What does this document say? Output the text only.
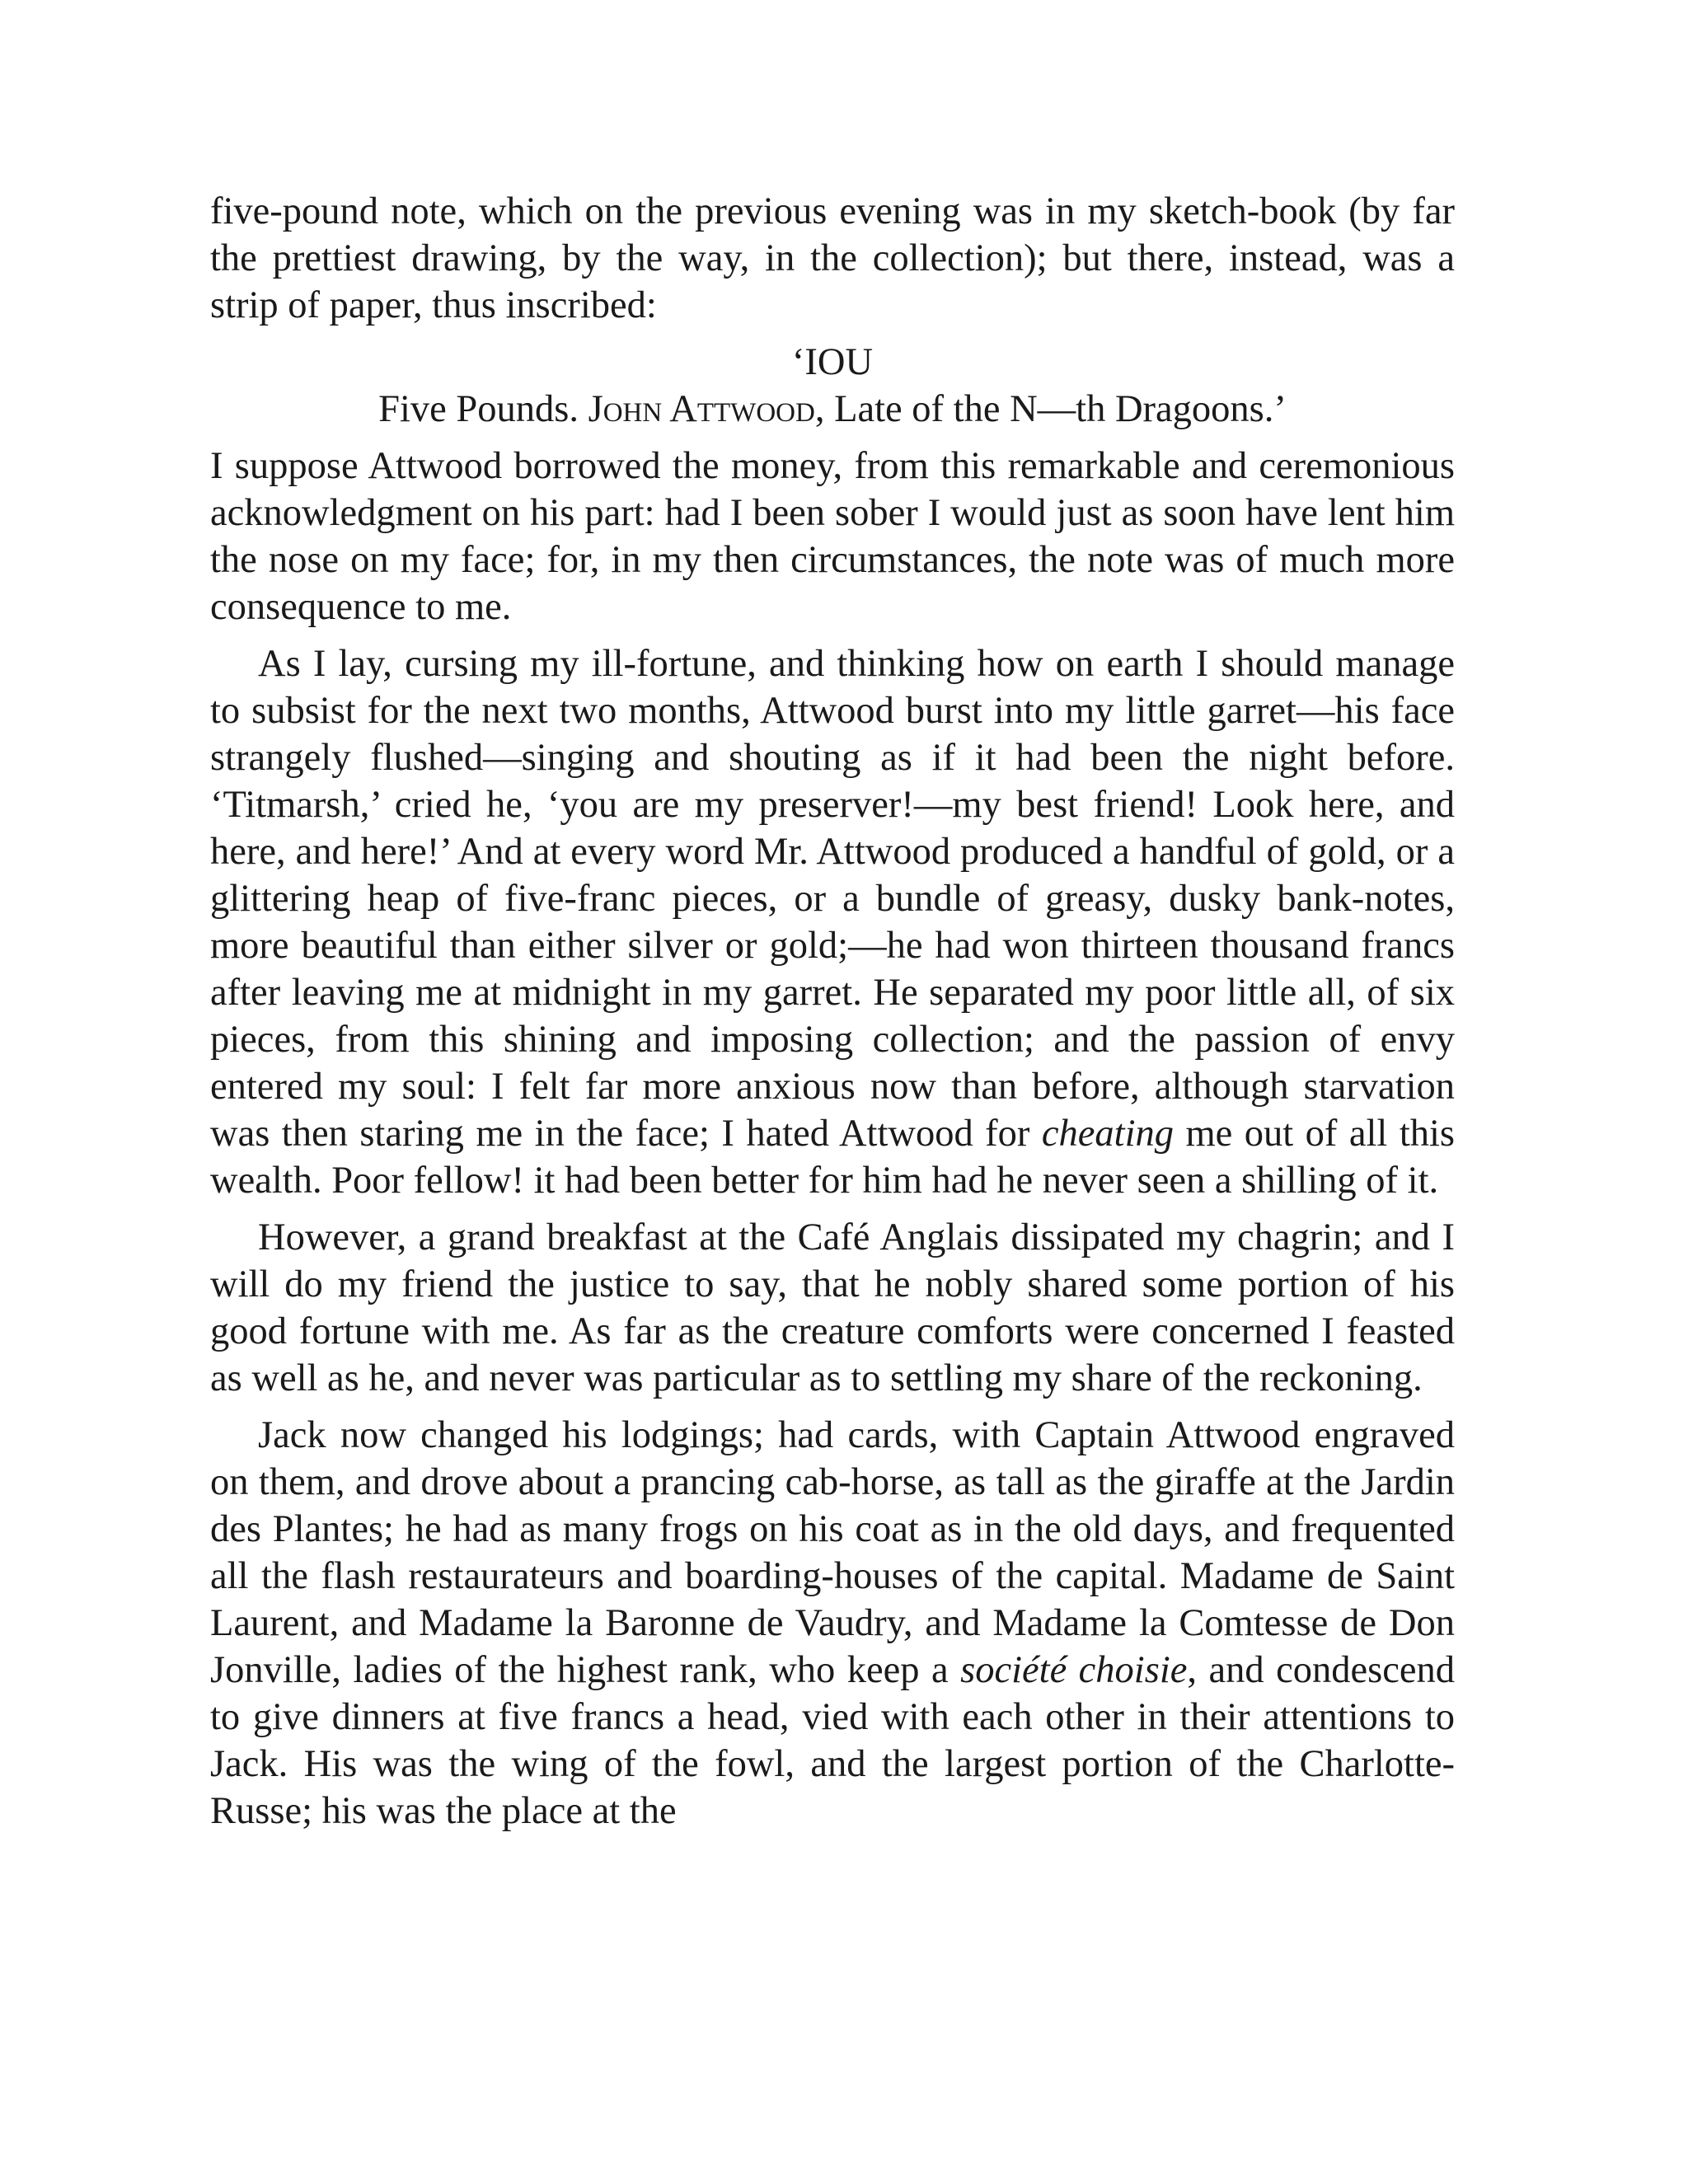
five-pound note, which on the previous evening was in my sketch-book (by far the prettiest drawing, by the way, in the collection); but there, instead, was a strip of paper, thus inscribed:

‘IOU
Five Pounds. John Attwood, Late of the N—th Dragoons.’

I suppose Attwood borrowed the money, from this remarkable and ceremonious acknowledgment on his part: had I been sober I would just as soon have lent him the nose on my face; for, in my then circumstances, the note was of much more consequence to me.

As I lay, cursing my ill-fortune, and thinking how on earth I should manage to subsist for the next two months, Attwood burst into my little garret—his face strangely flushed—singing and shouting as if it had been the night before. ‘Titmarsh,’ cried he, ‘you are my preserver!—my best friend! Look here, and here, and here!’ And at every word Mr. Attwood produced a handful of gold, or a glittering heap of five-franc pieces, or a bundle of greasy, dusky bank-notes, more beautiful than either silver or gold;—he had won thirteen thousand francs after leaving me at midnight in my garret. He separated my poor little all, of six pieces, from this shining and imposing collection; and the passion of envy entered my soul: I felt far more anxious now than before, although starvation was then staring me in the face; I hated Attwood for cheating me out of all this wealth. Poor fellow! it had been better for him had he never seen a shilling of it.

However, a grand breakfast at the Café Anglais dissipated my chagrin; and I will do my friend the justice to say, that he nobly shared some portion of his good fortune with me. As far as the creature comforts were concerned I feasted as well as he, and never was particular as to settling my share of the reckoning.

Jack now changed his lodgings; had cards, with Captain Attwood engraved on them, and drove about a prancing cab-horse, as tall as the giraffe at the Jardin des Plantes; he had as many frogs on his coat as in the old days, and frequented all the flash restaurateurs and boarding-houses of the capital. Madame de Saint Laurent, and Madame la Baronne de Vaudry, and Madame la Comtesse de Don Jonville, ladies of the highest rank, who keep a société choisie, and condescend to give dinners at five francs a head, vied with each other in their attentions to Jack. His was the wing of the fowl, and the largest portion of the Charlotte-Russe; his was the place at the
